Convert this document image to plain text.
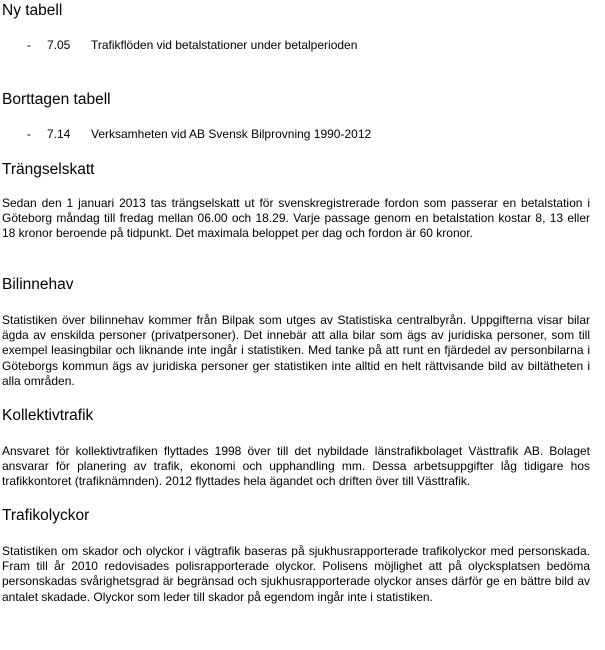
Ny tabell
- 7.05 Trafikflöden vid betalstationer under betalperioden
Borttagen tabell
- 7.14 Verksamheten vid AB Svensk Bilprovning 1990-2012
Trängselskatt

Sedan den 1 januari 2013 tas trängselskatt ut för svenskregistrerade fordon som passerar en betalstation i Göteborg måndag till fredag mellan 06.00 och 18.29. Varje passage genom en betalstation kostar 8, 13 eller 18 kronor beroende på tidpunkt. Det maximala beloppet per dag och fordon är 60 kronor.

Bilinnehav

Statistiken över bilinnehav kommer från Bilpak som utges av Statistiska centralbyrån. Uppgifterna visar bilar ägda av enskilda personer (privatpersoner). Det innebär att alla bilar som ägs av juridiska personer, som till exempel leasingbilar och liknande inte ingår i statistiken. Med tanke på att runt en fjärdedel av personbilarna i Göteborgs kommun ägs av juridiska personer ger statistiken inte alltid en helt rättvisande bild av biltätheten i alla områden.

Kollektivtrafik

Ansvaret för kollektivtrafiken flyttades 1998 över till det nybildade länstrafikbolaget Västtrafik AB. Bolaget ansvarar för planering av trafik, ekonomi och upphandling mm. Dessa arbetsuppgifter låg tidigare hos trafikkontoret (trafiknämnden). 2012 flyttades hela ägandet och driften över till Västtrafik.

Trafikolyckor

Statistiken om skador och olyckor i vägtrafik baseras på sjukhusrapporterade trafikolyckor med personskada. Fram till år 2010 redovisades polisrapporterade olyckor. Polisens möjlighet att på olycksplatsen bedöma personskadas svårighetsgrad är begränsad och sjukhusrapporterade olyckor anses därför ge en bättre bild av antalet skadade. Olyckor som leder till skador på egendom ingår inte i statistiken.
